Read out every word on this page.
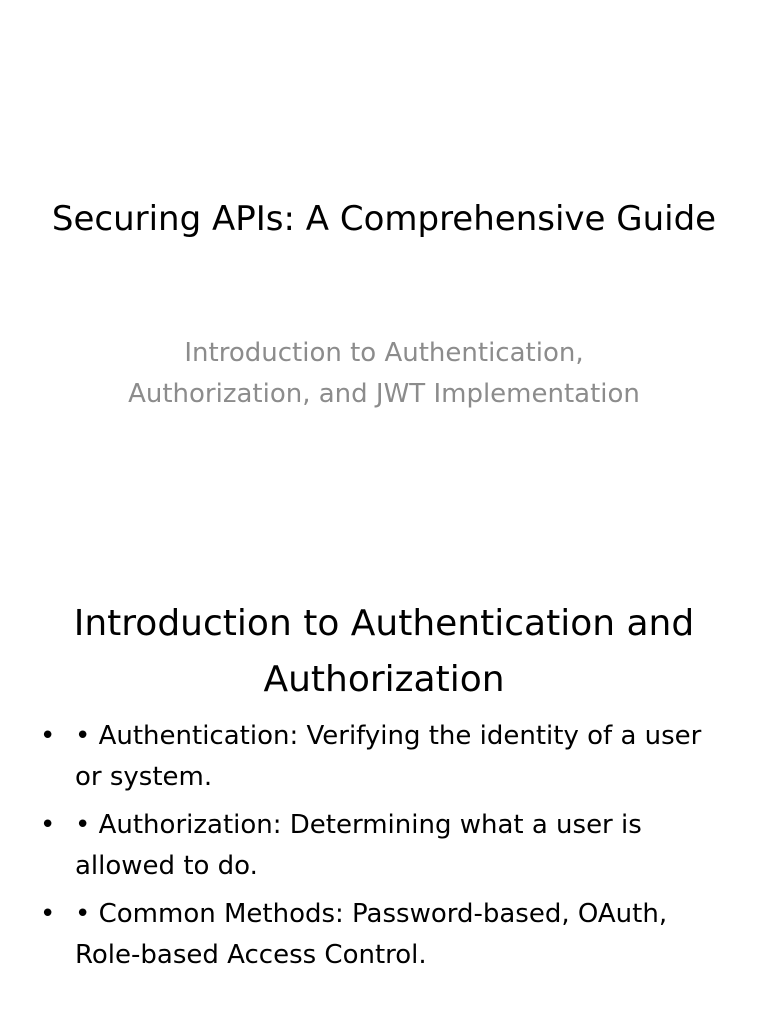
Securing APIs: A Comprehensive Guide

Introduction to Authentication, Authorization, and JWT Implementation

Introduction to Authentication and Authorization
• • Authentication: Verifying the identity of a user or system.
• • Authorization: Determining what a user is allowed to do.
• • Common Methods: Password-based, OAuth, Role-based Access Control.
